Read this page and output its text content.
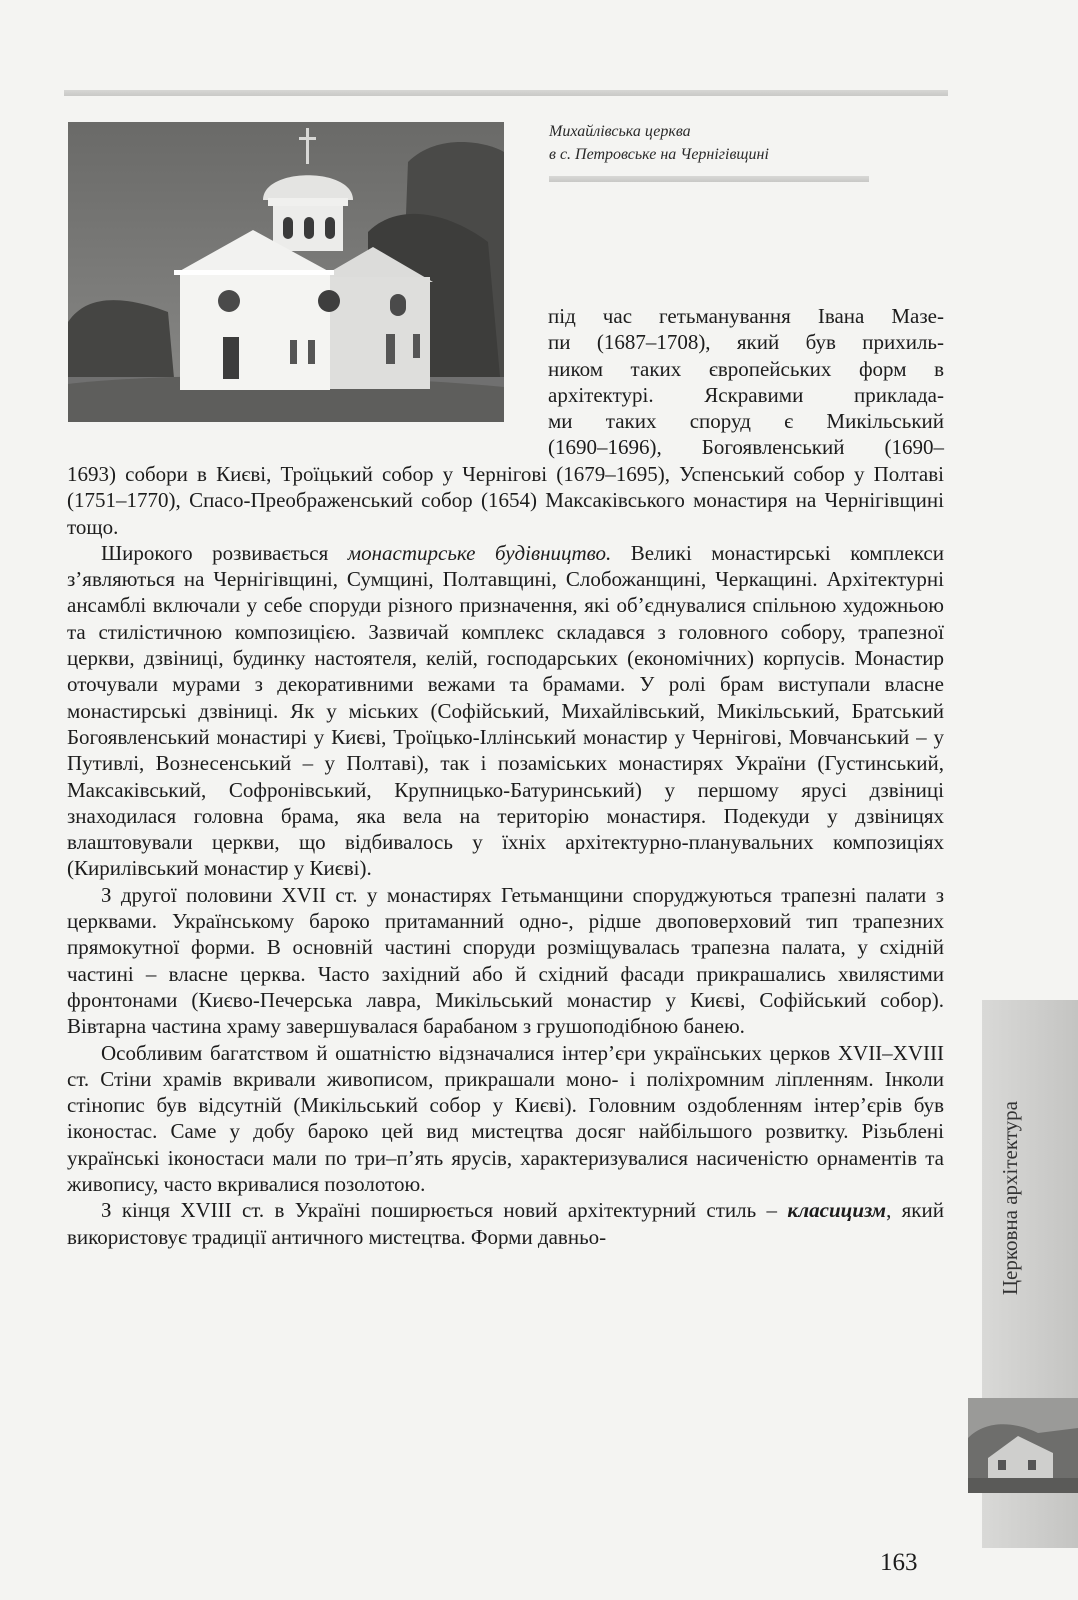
Михайлівська церква
в с. Петровське на Чернігівщині
під час гетьманування Івана Мазе-
пи (1687–1708), який був прихиль-
ником таких європейських форм в
архітектурі. Яскравими приклада-
ми таких споруд є Микільський
(1690–1696), Богоявленський (1690–

1693) собори в Києві, Троїцький собор у Чернігові (1679–1695), Успенський собор у Полтаві (1751–1770), Спасо-Преображенський собор (1654) Максаківського монастиря на Чернігівщині тощо.

Широкого розвивається монастирське будівництво. Великі монастирські комплекси з’являються на Чернігівщині, Сумщині, Полтавщині, Слобожанщині, Черкащині. Архітектурні ансамблі включали у себе споруди різного призначення, які об’єднувалися спільною художньою та стилістичною композицією. Зазвичай комплекс складався з головного собору, трапезної церкви, дзвіниці, будинку настоятеля, келій, господарських (економічних) корпусів. Монастир оточували мурами з декоративними вежами та брамами. У ролі брам виступали власне монастирські дзвіниці. Як у міських (Софійський, Михайлівський, Микільський, Братський Богоявленський монастирі у Києві, Троїцько-Іллінський монастир у Чернігові, Мовчанський – у Путивлі, Вознесенський – у Полтаві), так і позаміських монастирях України (Густинський, Максаківський, Софронівський, Крупницько-Батуринський) у першому ярусі дзвіниці знаходилася головна брама, яка вела на територію монастиря. Подекуди у дзвіницях влаштовували церкви, що відбивалось у їхніх архітектурно-планувальних композиціях (Кирилівський монастир у Києві).

З другої половини XVII ст. у монастирях Гетьманщини споруджуються трапезні палати з церквами. Українському бароко притаманний одно-, рідше двоповерховий тип трапезних прямокутної форми. В основній частині споруди розміщувалась трапезна палата, у східній частині – власне церква. Часто західний або й східний фасади прикрашались хвилястими фронтонами (Києво-Печерська лавра, Микільський монастир у Києві, Софійський собор). Вівтарна частина храму завершувалася барабаном з грушоподібною банею.

Особливим багатством й ошатністю відзначалися інтер’єри українських церков XVII–XVIII ст. Стіни храмів вкривали живописом, прикрашали моно- і поліхромним ліпленням. Інколи стінопис був відсутній (Микільський собор у Києві). Головним оздобленням інтер’єрів був іконостас. Саме у добу бароко цей вид мистецтва досяг найбільшого розвитку. Різьблені українські іконостаси мали по три–п’ять ярусів, характеризувалися насиченістю орнаментів та живопису, часто вкривалися позолотою.

З кінця XVIII ст. в Україні поширюється новий архітектурний стиль – класицизм, який використовує традиції античного мистецтва. Форми давньо-	Церковна архітектура
163
